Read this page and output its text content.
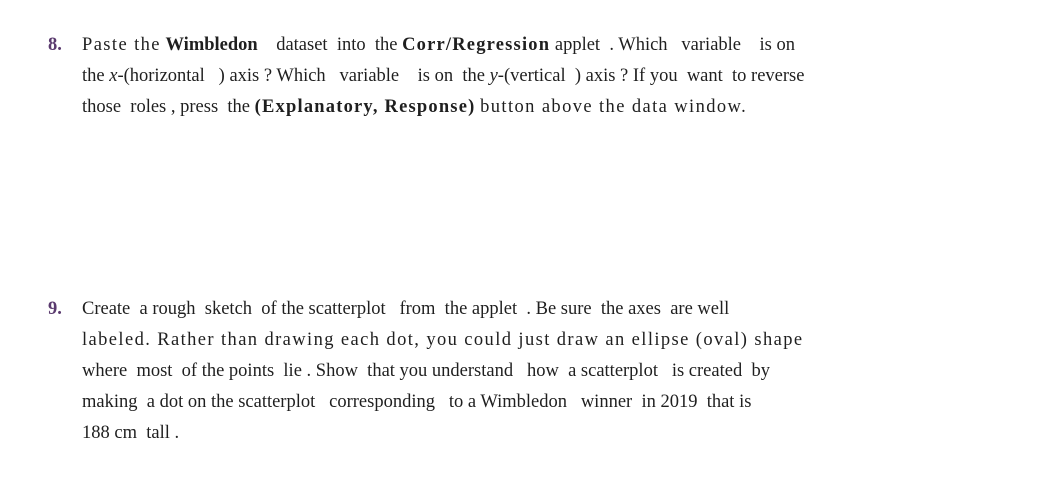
8. Paste the Wimbledon dataset  into  the Corr/Regression applet  . Which   variable    is on
the x-(horizontal   ) axis ? Which   variable    is on  the y-(vertical  ) axis ? If you  want  to reverse
those  roles , press  the (Explanatory, Response) button above the data window.
9. Create  a rough  sketch  of the scatterplot   from  the applet  . Be sure  the axes  are well
labeled. Rather than drawing each dot, you could just draw an ellipse (oval) shape
where  most  of the points  lie . Show  that you understand   how  a scatterplot   is created  by
making  a dot on the scatterplot   corresponding   to a Wimbledon   winner  in 2019  that is
188 cm  tall .
